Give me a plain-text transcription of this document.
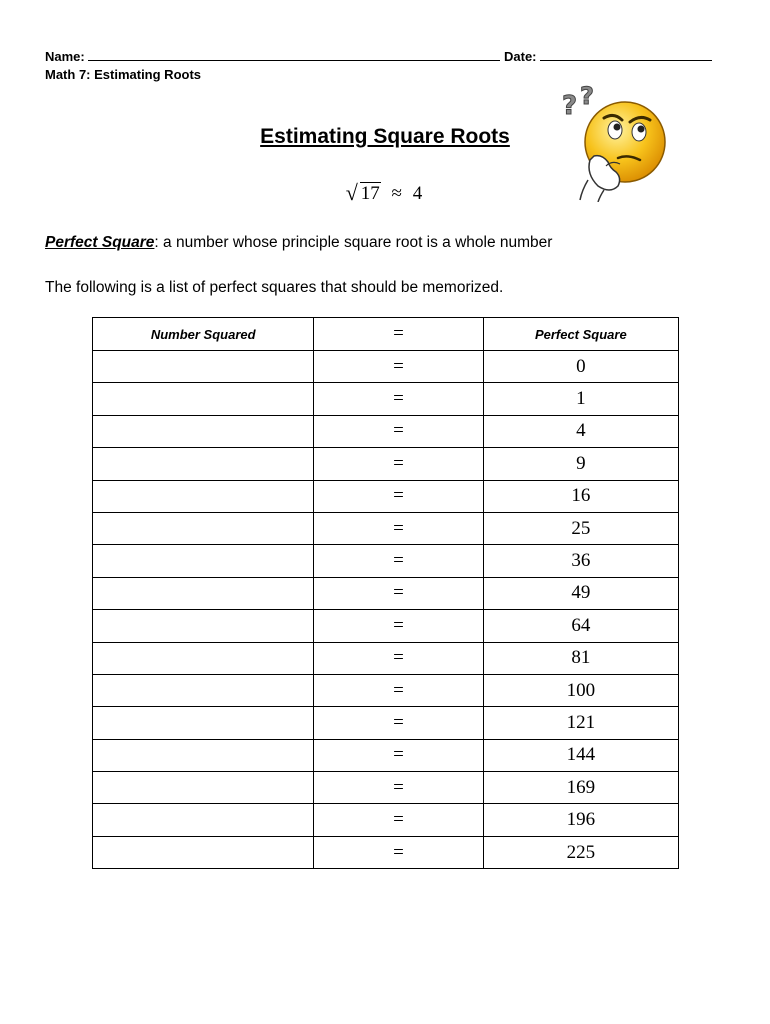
Name:	Date:
Math 7: Estimating Roots
? ?
Estimating Square Roots
√ 17 ≈ 4
Perfect Square: a number whose principle square root is a whole number
The following is a list of perfect squares that should be memorized.
Number Squared	=	Perfect Square
	=	0
	=	1
	=	4
	=	9
	=	16
	=	25
	=	36
	=	49
	=	64
	=	81
	=	100
	=	121
	=	144
	=	169
	=	196
	=	225
